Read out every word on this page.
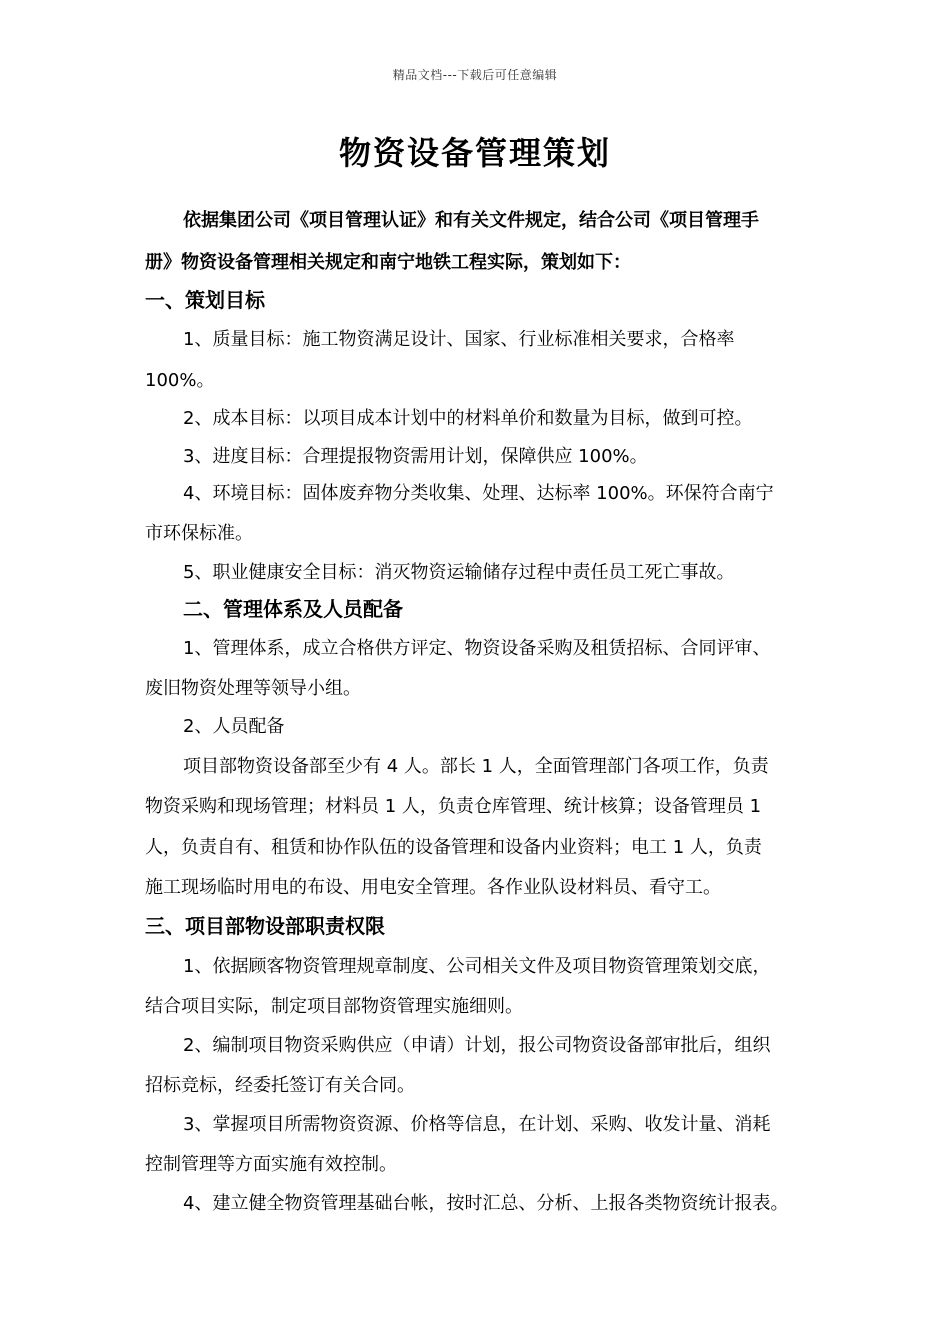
精品文档---下载后可任意编辑
物资设备管理策划
依据集团公司《项目管理认证》和有关文件规定，结合公司《项目管理手
册》物资设备管理相关规定和南宁地铁工程实际，策划如下：
一、策划目标
1、质量目标：施工物资满足设计、国家、行业标准相关要求，合格率
100%。
2、成本目标：以项目成本计划中的材料单价和数量为目标，做到可控。
3、进度目标：合理提报物资需用计划，保障供应 100%。
4、环境目标：固体废弃物分类收集、处理、达标率 100%。环保符合南宁
市环保标准。
5、职业健康安全目标：消灭物资运输储存过程中责任员工死亡事故。
二、管理体系及人员配备
1、管理体系，成立合格供方评定、物资设备采购及租赁招标、合同评审、
废旧物资处理等领导小组。
2、人员配备
项目部物资设备部至少有 4 人。部长 1 人，全面管理部门各项工作，负责
物资采购和现场管理；材料员 1 人，负责仓库管理、统计核算；设备管理员 1
人，负责自有、租赁和协作队伍的设备管理和设备内业资料；电工 1 人，负责
施工现场临时用电的布设、用电安全管理。各作业队设材料员、看守工。
三、项目部物设部职责权限
1、依据顾客物资管理规章制度、公司相关文件及项目物资管理策划交底，
结合项目实际，制定项目部物资管理实施细则。
2、编制项目物资采购供应（申请）计划，报公司物资设备部审批后，组织
招标竞标，经委托签订有关合同。
3、掌握项目所需物资资源、价格等信息，在计划、采购、收发计量、消耗
控制管理等方面实施有效控制。
4、建立健全物资管理基础台帐，按时汇总、分析、上报各类物资统计报表。
